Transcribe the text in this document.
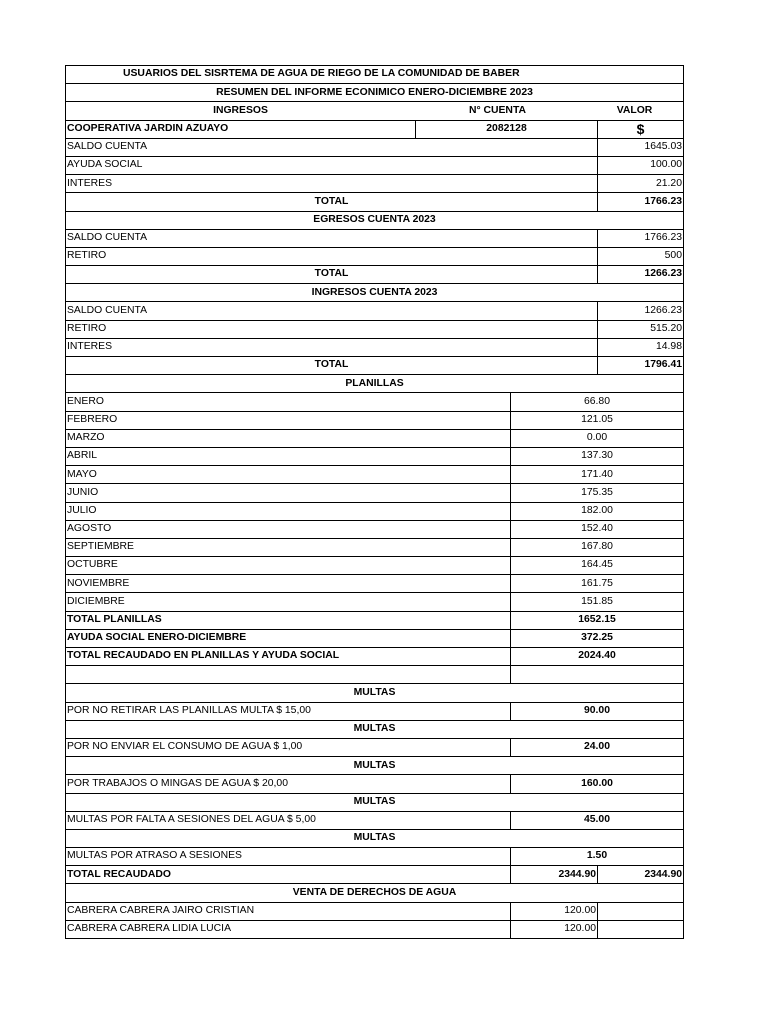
USUARIOS DEL SISRTEMA DE AGUA DE RIEGO DE LA COMUNIDAD DE BABER
RESUMEN DEL INFORME ECONIMICO ENERO-DICIEMBRE 2023
INGRESOS	N° CUENTA	VALOR
COOPERATIVA JARDIN AZUAYO	2082128	$
SALDO CUENTA	1645.03
AYUDA SOCIAL	100.00
INTERES	21.20
TOTAL	1766.23
EGRESOS CUENTA 2023
SALDO CUENTA	1766.23
RETIRO	500
TOTAL	1266.23
INGRESOS CUENTA 2023
SALDO CUENTA	1266.23
RETIRO	515.20
INTERES	14.98
TOTAL	1796.41
PLANILLAS
ENERO	66.80
FEBRERO	121.05
MARZO	0.00
ABRIL	137.30
MAYO	171.40
JUNIO	175.35
JULIO	182.00
AGOSTO	152.40
SEPTIEMBRE	167.80
OCTUBRE	164.45
NOVIEMBRE	161.75
DICIEMBRE	151.85
TOTAL PLANILLAS	1652.15
AYUDA SOCIAL ENERO-DICIEMBRE	372.25
TOTAL RECAUDADO EN PLANILLAS Y AYUDA SOCIAL	2024.40
MULTAS
POR NO RETIRAR LAS PLANILLAS MULTA $ 15,00	90.00
MULTAS
POR NO ENVIAR EL CONSUMO DE AGUA $ 1,00	24.00
MULTAS
POR TRABAJOS O MINGAS DE AGUA $ 20,00	160.00
MULTAS
MULTAS POR FALTA A SESIONES DEL AGUA $ 5,00	45.00
MULTAS
MULTAS POR ATRASO A SESIONES	1.50
TOTAL RECAUDADO	2344.90	2344.90
VENTA DE DERECHOS DE AGUA
CABRERA CABRERA JAIRO CRISTIAN	120.00
CABRERA CABRERA LIDIA LUCIA	120.00
